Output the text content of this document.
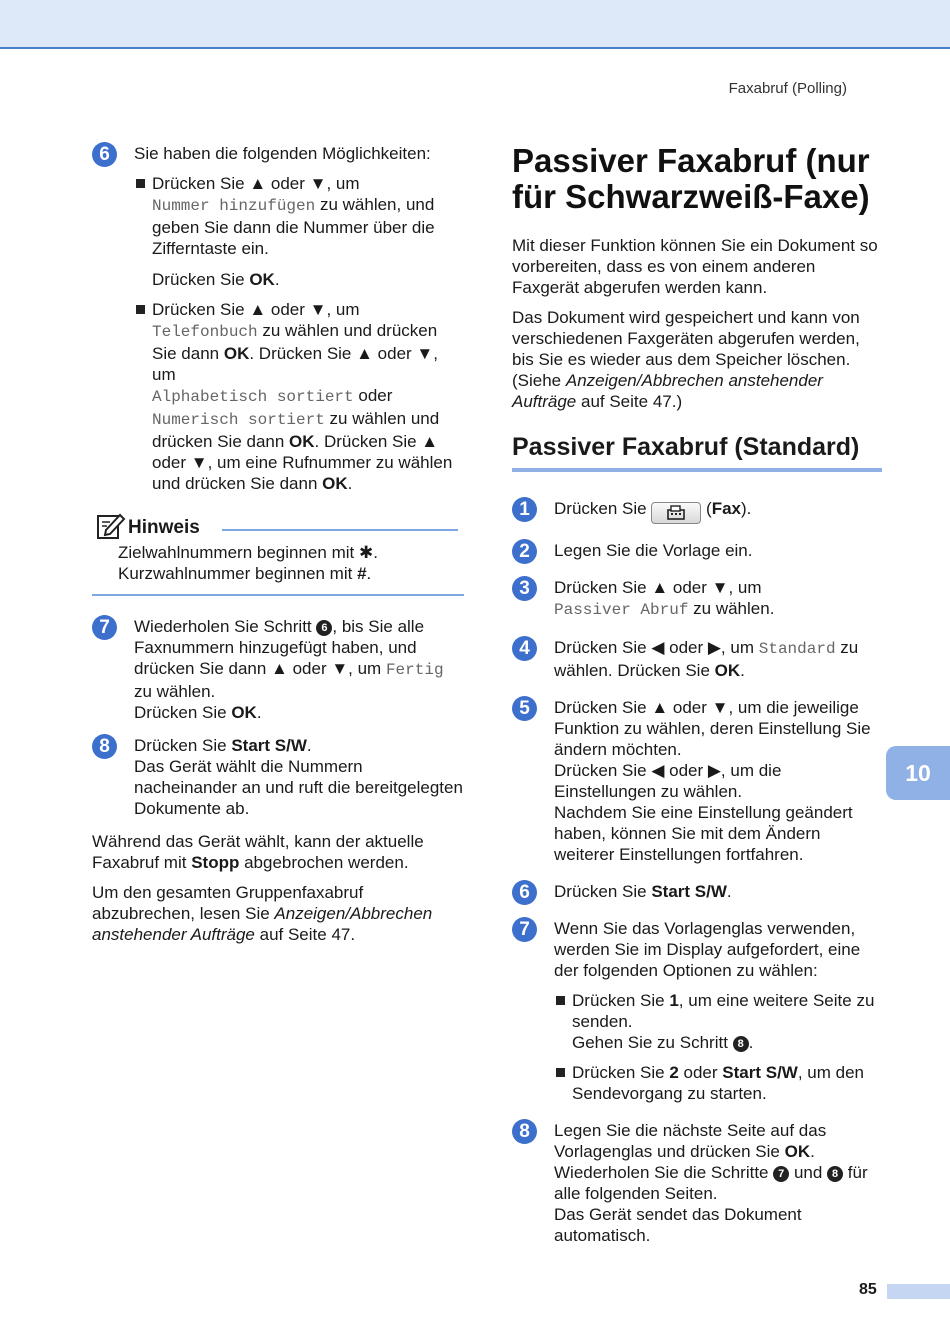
Faxabruf (Polling)
6	Sie haben die folgenden Möglichkeiten:
Drücken Sie ▲ oder ▼, um
Nummer hinzufügen zu wählen, und geben Sie dann die Nummer über die Zifferntaste ein.
Drücken Sie OK.
Drücken Sie ▲ oder ▼, um
Telefonbuch zu wählen und drücken Sie dann OK. Drücken Sie ▲ oder ▼, um
Alphabetisch sortiert oder
Numerisch sortiert zu wählen und drücken Sie dann OK. Drücken Sie ▲ oder ▼, um eine Rufnummer zu wählen und drücken Sie dann OK.
Hinweis
Zielwahlnummern beginnen mit ✱.
Kurzwahlnummer beginnen mit #.
7	Wiederholen Sie Schritt 6 , bis Sie alle Faxnummern hinzugefügt haben, und drücken Sie dann ▲ oder ▼, um Fertig zu wählen.
Drücken Sie OK.
8	Drücken Sie Start S/W.
Das Gerät wählt die Nummern nacheinander an und ruft die bereitgelegten Dokumente ab.

Während das Gerät wählt, kann der aktuelle Faxabruf mit Stopp abgebrochen werden.

Um den gesamten Gruppenfaxabruf abzubrechen, lesen Sie Anzeigen/Abbrechen anstehender Aufträge auf Seite 47.

Passiver Faxabruf (nur für Schwarzweiß-Faxe)

Mit dieser Funktion können Sie ein Dokument so vorbereiten, dass es von einem anderen Faxgerät abgerufen werden kann.

Das Dokument wird gespeichert und kann von verschiedenen Faxgeräten abgerufen werden, bis Sie es wieder aus dem Speicher löschen. (Siehe Anzeigen/Abbrechen anstehender Aufträge auf Seite 47.)

Passiver Faxabruf (Standard)
1	Drücken Sie	(Fax).
2	Legen Sie die Vorlage ein.
3	Drücken Sie ▲ oder ▼, um
Passiver Abruf zu wählen.
4	Drücken Sie ◀ oder ▶, um Standard zu wählen. Drücken Sie OK.
5	Drücken Sie ▲ oder ▼, um die jeweilige Funktion zu wählen, deren Einstellung Sie ändern möchten.
Drücken Sie ◀ oder ▶, um die Einstellungen zu wählen.
Nachdem Sie eine Einstellung geändert haben, können Sie mit dem Ändern weiterer Einstellungen fortfahren.
6	Drücken Sie Start S/W.
7	Wenn Sie das Vorlagenglas verwenden, werden Sie im Display aufgefordert, eine der folgenden Optionen zu wählen:
Drücken Sie 1, um eine weitere Seite zu senden.
Gehen Sie zu Schritt 8 .
Drücken Sie 2 oder Start S/W, um den Sendevorgang zu starten.
8	Legen Sie die nächste Seite auf das Vorlagenglas und drücken Sie OK.
Wiederholen Sie die Schritte 7 und 8 für alle folgenden Seiten.
Das Gerät sendet das Dokument automatisch.
10
85
